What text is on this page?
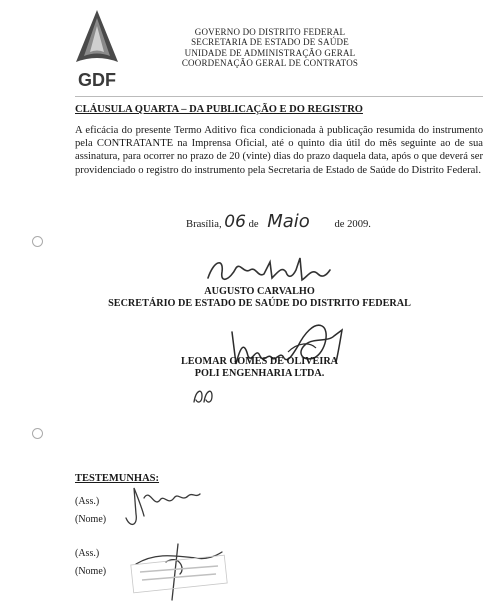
GDF
GOVERNO DO DISTRITO FEDERAL
SECRETARIA DE ESTADO DE SAÚDE
UNIDADE DE ADMINISTRAÇÃO GERAL
COORDENAÇÃO GERAL DE CONTRATOS
CLÁUSULA QUARTA – DA PUBLICAÇÃO E DO REGISTRO
A eficácia do presente Termo Aditivo fica condicionada à publicação resumida do instrumento pela CONTRATANTE na Imprensa Oficial, até o quinto dia útil do mês seguinte ao de sua assinatura, para ocorrer no prazo de 20 (vinte) dias do prazo daquela data, após o que deverá ser providenciado o registro do instrumento pela Secretaria de Estado de Saúde do Distrito Federal.
Brasília, 06 de Maio de 2009.
AUGUSTO CARVALHO
SECRETÁRIO DE ESTADO DE SAÚDE DO DISTRITO FEDERAL
LEOMAR GOMES DE OLIVEIRA
POLI ENGENHARIA LTDA.
TESTEMUNHAS:
(Ass.)
(Nome)
(Ass.)
(Nome)
